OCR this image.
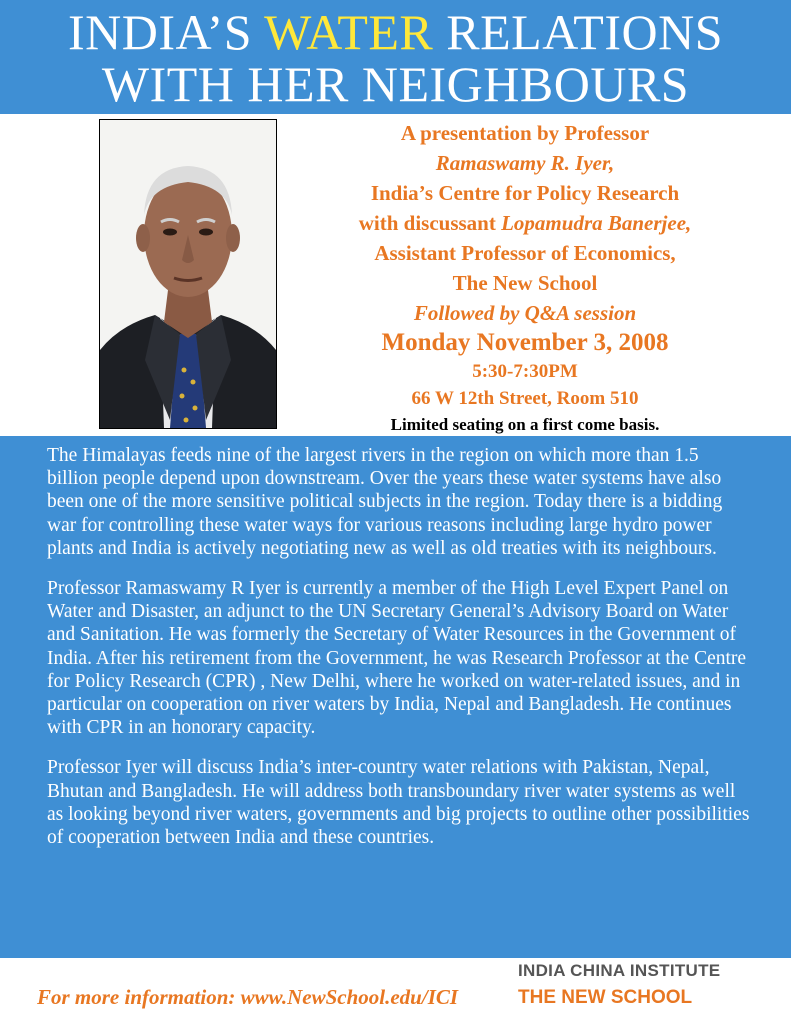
INDIA’S WATER RELATIONS
WITH HER NEIGHBOURS
A presentation by Professor
Ramaswamy R. Iyer,
India’s Centre for Policy Research
with discussant Lopamudra Banerjee,
Assistant Professor of Economics,
The New School
Followed by Q&A session
Monday November 3, 2008
5:30-7:30PM
66 W 12th Street, Room 510
Limited seating on a first come basis.

The Himalayas feeds nine of the largest rivers in the region on which more than 1.5 billion people depend upon downstream. Over the years these water systems have also been one of the more sensitive political subjects in the region. Today there is a bidding war for controlling these water ways for various reasons including large hydro power plants and India is actively negotiating new as well as old treaties with its neighbours.

Professor Ramaswamy R Iyer is currently a member of the High Level Expert Panel on Water and Disaster, an adjunct to the UN Secretary General’s Advisory Board on Water and Sanitation. He was formerly the Secretary of Water Resources in the Government of India. After his retirement from the Government, he was Research Professor at the Centre for Policy Research (CPR) , New Delhi, where he worked on water-related issues, and in particular on cooperation on river waters by India, Nepal and Bangladesh. He continues with CPR in an honorary capacity.

Professor Iyer will discuss India’s inter-country water relations with Pakistan, Nepal, Bhutan and Bangladesh. He will address both transboundary river water systems as well as looking beyond river waters, governments and big projects to outline other possibilities of cooperation between India and these countries.

For more information: www.NewSchool.edu/ICI
INDIA CHINA INSTITUTE
THE NEW SCHOOL
